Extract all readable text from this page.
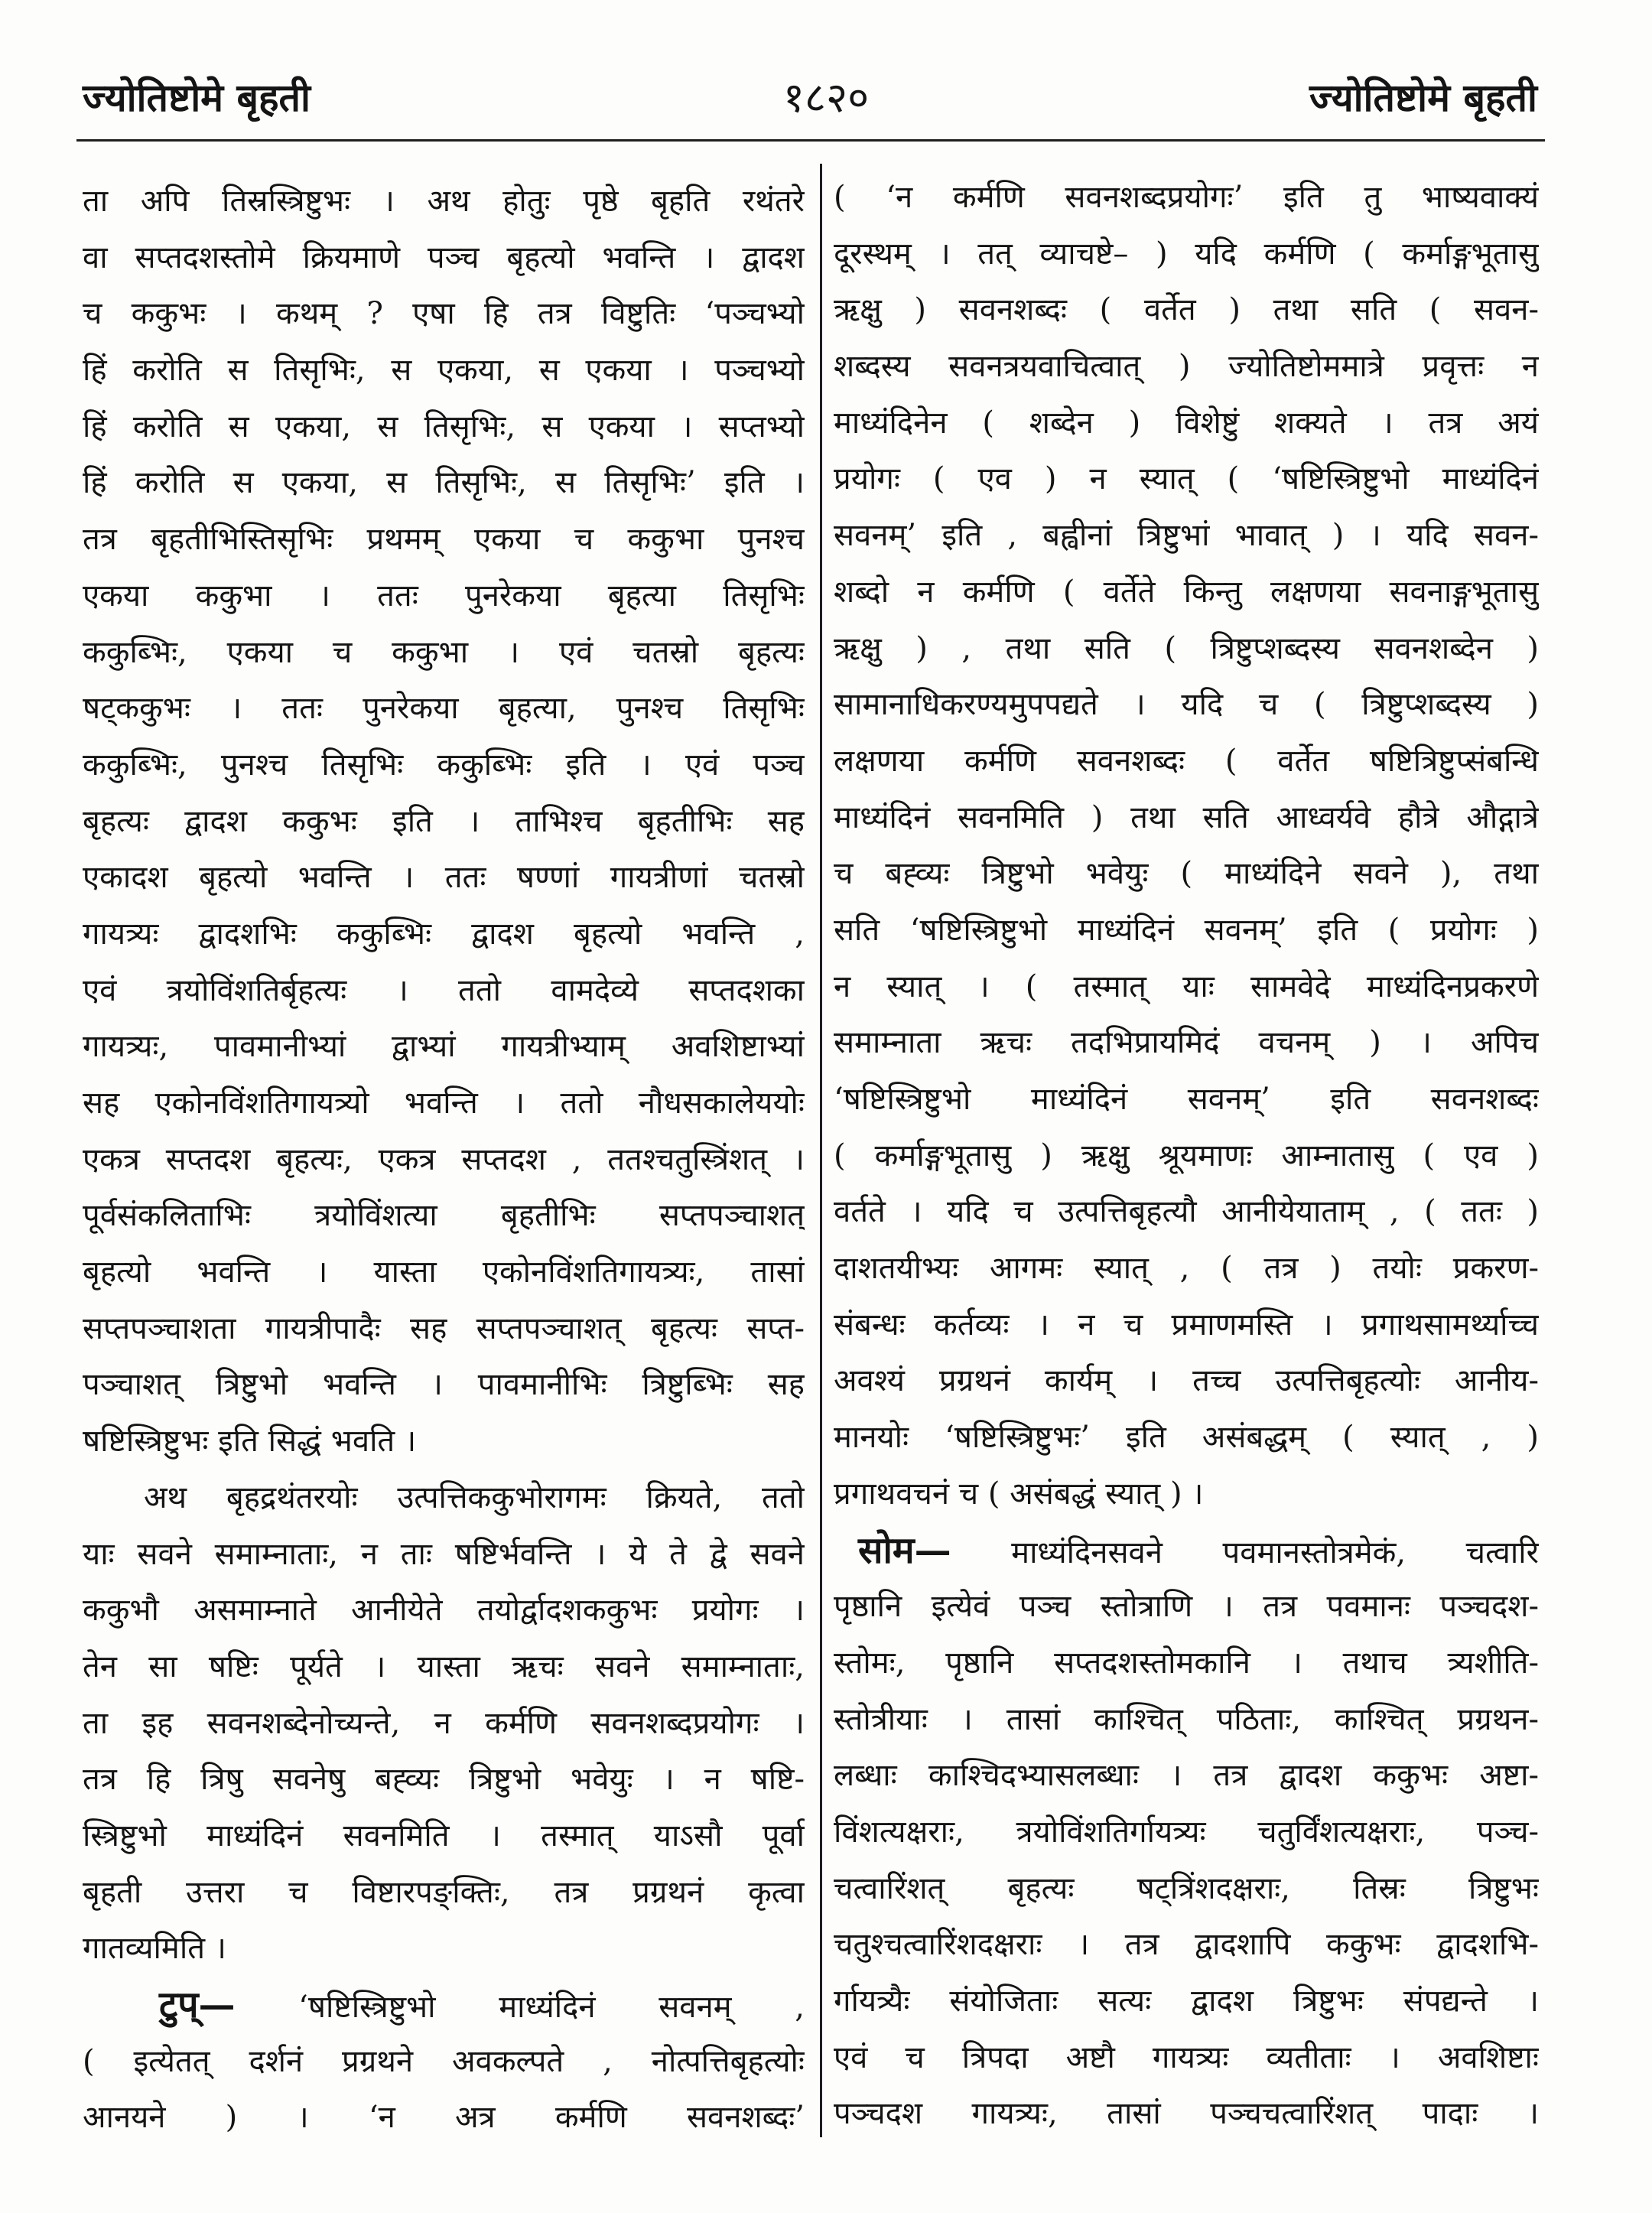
ज्योतिष्टोमे बृहती	१८२०	ज्योतिष्टोमे बृहती
ता अपि तिस्रस्त्रिष्टुभः । अथ होतुः पृष्ठे बृहति रथंतरे
वा सप्तदशस्तोमे क्रियमाणे पञ्च बृहत्यो भवन्ति । द्वादश
च ककुभः । कथम् ? एषा हि तत्र विष्टुतिः ‘पञ्चभ्यो
हिं करोति स तिसृभिः, स एकया, स एकया । पञ्चभ्यो
हिं करोति स एकया, स तिसृभिः, स एकया । सप्तभ्यो
हिं करोति स एकया, स तिसृभिः, स तिसृभिः’ इति ।
तत्र बृहतीभिस्तिसृभिः प्रथमम् एकया च ककुभा पुनश्च
एकया ककुभा । ततः पुनरेकया बृहत्या तिसृभिः
ककुब्भिः, एकया च ककुभा । एवं चतस्रो बृहत्यः
षट्ककुभः । ततः पुनरेकया बृहत्या, पुनश्च तिसृभिः
ककुब्भिः, पुनश्च तिसृभिः ककुब्भिः इति । एवं पञ्च
बृहत्यः द्वादश ककुभः इति । ताभिश्च बृहतीभिः सह
एकादश बृहत्यो भवन्ति । ततः षण्णां गायत्रीणां चतस्रो
गायत्र्यः द्वादशभिः ककुब्भिः द्वादश बृहत्यो भवन्ति ,
एवं त्रयोविंशतिर्बृहत्यः । ततो वामदेव्ये सप्तदशका
गायत्र्यः, पावमानीभ्यां द्वाभ्यां गायत्रीभ्याम् अवशिष्टाभ्यां
सह एकोनविंशतिगायत्र्यो भवन्ति । ततो नौधसकालेययोः
एकत्र सप्तदश बृहत्यः, एकत्र सप्तदश , ततश्चतुस्त्रिंशत् ।
पूर्वसंकलिताभिः त्रयोविंशत्या बृहतीभिः सप्तपञ्चाशत्
बृहत्यो भवन्ति । यास्ता एकोनविंशतिगायत्र्यः, तासां
सप्तपञ्चाशता गायत्रीपादैः सह सप्तपञ्चाशत् बृहत्यः सप्त-
पञ्चाशत् त्रिष्टुभो भवन्ति । पावमानीभिः त्रिष्टुब्भिः सह
षष्टिस्त्रिष्टुभः इति सिद्धं भवति ।
अथ बृहद्रथंतरयोः उत्पत्तिककुभोरागमः क्रियते, ततो
याः सवने समाम्नाताः, न ताः षष्टिर्भवन्ति । ये ते द्वे सवने
ककुभौ असमाम्नाते आनीयेते तयोर्द्वादशककुभः प्रयोगः ।
तेन सा षष्टिः पूर्यते । यास्ता ऋचः सवने समाम्नाताः,
ता इह सवनशब्देनोच्यन्ते, न कर्मणि सवनशब्दप्रयोगः ।
तत्र हि त्रिषु सवनेषु बह्व्यः त्रिष्टुभो भवेयुः । न षष्टि-
स्त्रिष्टुभो माध्यंदिनं सवनमिति । तस्मात् याऽसौ पूर्वा
बृहती उत्तरा च विष्टारपङ्क्तिः, तत्र प्रग्रथनं कृत्वा
गातव्यमिति ।
टुप्— ‘षष्टिस्त्रिष्टुभो माध्यंदिनं सवनम् ,
( इत्येतत् दर्शनं प्रग्रथने अवकल्पते , नोत्पत्तिबृहत्योः
आनयने ) । ‘न अत्र कर्मणि सवनशब्दः’
( ‘न कर्मणि सवनशब्दप्रयोगः’ इति तु भाष्यवाक्यं
दूरस्थम् । तत् व्याचष्टे– ) यदि कर्मणि ( कर्माङ्गभूतासु
ऋक्षु ) सवनशब्दः ( वर्तेत ) तथा सति ( सवन-
शब्दस्य सवनत्रयवाचित्वात् ) ज्योतिष्टोममात्रे प्रवृत्तः न
माध्यंदिनेन ( शब्देन ) विशेष्टुं शक्यते । तत्र अयं
प्रयोगः ( एव ) न स्यात् ( ‘षष्टिस्त्रिष्टुभो माध्यंदिनं
सवनम्’ इति , बह्वीनां त्रिष्टुभां भावात् ) । यदि सवन-
शब्दो न कर्मणि ( वर्तेते किन्तु लक्षणया सवनाङ्गभूतासु
ऋक्षु ) , तथा सति ( त्रिष्टुप्शब्दस्य सवनशब्देन )
सामानाधिकरण्यमुपपद्यते । यदि च ( त्रिष्टुप्शब्दस्य )
लक्षणया कर्मणि सवनशब्दः ( वर्तेत षष्टित्रिष्टुप्संबन्धि
माध्यंदिनं सवनमिति ) तथा सति आध्वर्यवे हौत्रे औद्गात्रे
च बह्व्यः त्रिष्टुभो भवेयुः ( माध्यंदिने सवने ), तथा
सति ‘षष्टिस्त्रिष्टुभो माध्यंदिनं सवनम्’ इति ( प्रयोगः )
न स्यात् । ( तस्मात् याः सामवेदे माध्यंदिनप्रकरणे
समाम्नाता ऋचः तदभिप्रायमिदं वचनम् ) । अपिच
‘षष्टिस्त्रिष्टुभो माध्यंदिनं सवनम्’ इति सवनशब्दः
( कर्माङ्गभूतासु ) ऋक्षु श्रूयमाणः आम्नातासु ( एव )
वर्तते । यदि च उत्पत्तिबृहत्यौ आनीयेयाताम् , ( ततः )
दाशतयीभ्यः आगमः स्यात् , ( तत्र ) तयोः प्रकरण-
संबन्धः कर्तव्यः । न च प्रमाणमस्ति । प्रगाथसामर्थ्याच्च
अवश्यं प्रग्रथनं कार्यम् । तच्च उत्पत्तिबृहत्योः आनीय-
मानयोः ‘षष्टिस्त्रिष्टुभः’ इति असंबद्धम् ( स्यात् , )
प्रगाथवचनं च ( असंबद्धं स्यात् ) ।
सोम— माध्यंदिनसवने पवमानस्तोत्रमेकं, चत्वारि
पृष्ठानि इत्येवं पञ्च स्तोत्राणि । तत्र पवमानः पञ्चदश-
स्तोमः, पृष्ठानि सप्तदशस्तोमकानि । तथाच त्र्यशीति-
स्तोत्रीयाः । तासां काश्चित् पठिताः, काश्चित् प्रग्रथन-
लब्धाः काश्चिदभ्यासलब्धाः । तत्र द्वादश ककुभः अष्टा-
विंशत्यक्षराः, त्रयोविंशतिर्गायत्र्यः चतुर्विंशत्यक्षराः, पञ्च-
चत्वारिंशत् बृहत्यः षट्त्रिंशदक्षराः, तिस्रः त्रिष्टुभः
चतुश्चत्वारिंशदक्षराः । तत्र द्वादशापि ककुभः द्वादशभि-
र्गायत्र्यैः संयोजिताः सत्यः द्वादश त्रिष्टुभः संपद्यन्ते ।
एवं च त्रिपदा अष्टौ गायत्र्यः व्यतीताः । अवशिष्टाः
पञ्चदश गायत्र्यः, तासां पञ्चचत्वारिंशत् पादाः ।
